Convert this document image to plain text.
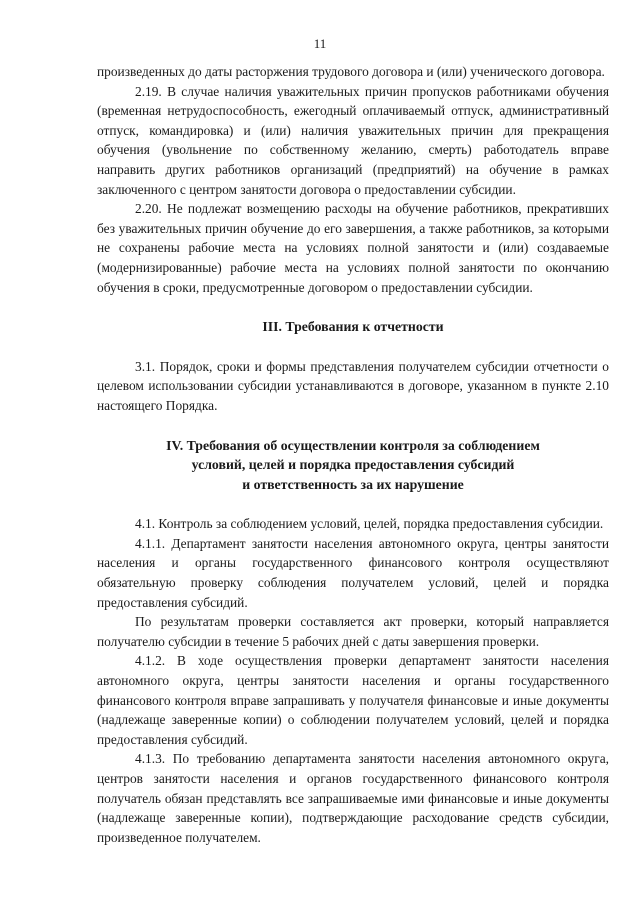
11

произведенных до даты расторжения трудового договора и (или) ученического договора.

2.19. В случае наличия уважительных причин пропусков работниками обучения (временная нетрудоспособность, ежегодный оплачиваемый отпуск, административный отпуск, командировка) и (или) наличия уважительных причин для прекращения обучения (увольнение по собственному желанию, смерть) работодатель вправе направить других работников организаций (предприятий) на обучение в рамках заключенного с центром занятости договора о предоставлении субсидии.

2.20. Не подлежат возмещению расходы на обучение работников, прекративших без уважительных причин обучение до его завершения, а также работников, за которыми не сохранены рабочие места на условиях полной занятости и (или) создаваемые (модернизированные) рабочие места на условиях полной занятости по окончанию обучения в сроки, предусмотренные договором о предоставлении субсидии.

III. Требования к отчетности

3.1. Порядок, сроки и формы представления получателем субсидии отчетности о целевом использовании субсидии устанавливаются в договоре, указанном в пункте 2.10 настоящего Порядка.

IV. Требования об осуществлении контроля за соблюдением

условий, целей и порядка предоставления субсидий

и ответственность за их нарушение

4.1. Контроль за соблюдением условий, целей, порядка предоставления субсидии.

4.1.1. Департамент занятости населения автономного округа, центры занятости населения и органы государственного финансового контроля осуществляют обязательную проверку соблюдения получателем условий, целей и порядка предоставления субсидий.

По результатам проверки составляется акт проверки, который направляется получателю субсидии в течение 5 рабочих дней с даты завершения проверки.

4.1.2. В ходе осуществления проверки департамент занятости населения автономного округа, центры занятости населения и органы государственного финансового контроля вправе запрашивать у получателя финансовые и иные документы (надлежаще заверенные копии) о соблюдении получателем условий, целей и порядка предоставления субсидий.

4.1.3. По требованию департамента занятости населения автономного округа, центров занятости населения и органов государственного финансового контроля получатель обязан представлять все запрашиваемые ими финансовые и иные документы (надлежаще заверенные копии), подтверждающие расходование средств субсидии, произведенное получателем.
